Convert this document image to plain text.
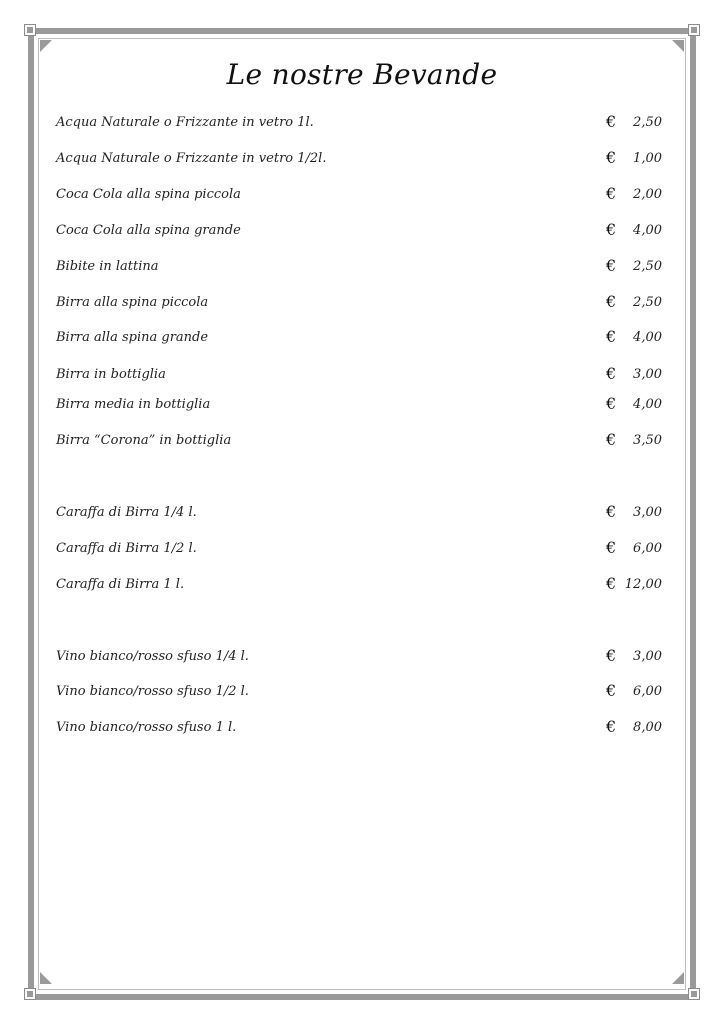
Le nostre Bevande
Acqua Naturale o Frizzante in vetro 1l.	€ 2,50
Acqua Naturale o Frizzante in vetro 1/2l.	€ 1,00
Coca Cola alla spina piccola	€ 2,00
Coca Cola alla spina grande	€ 4,00
Bibite in lattina	€ 2,50
Birra alla spina piccola	€ 2,50
Birra alla spina grande	€ 4,00
Birra in bottiglia	€ 3,00
Birra media in bottiglia	€ 4,00
Birra “Corona” in bottiglia	€ 3,50
Caraffa di Birra 1/4 l.	€ 3,00
Caraffa di Birra 1/2 l.	€ 6,00
Caraffa di Birra 1 l.	€ 12,00
Vino bianco/rosso sfuso 1/4 l.	€ 3,00
Vino bianco/rosso sfuso 1/2 l.	€ 6,00
Vino bianco/rosso sfuso 1 l.	€ 8,00
